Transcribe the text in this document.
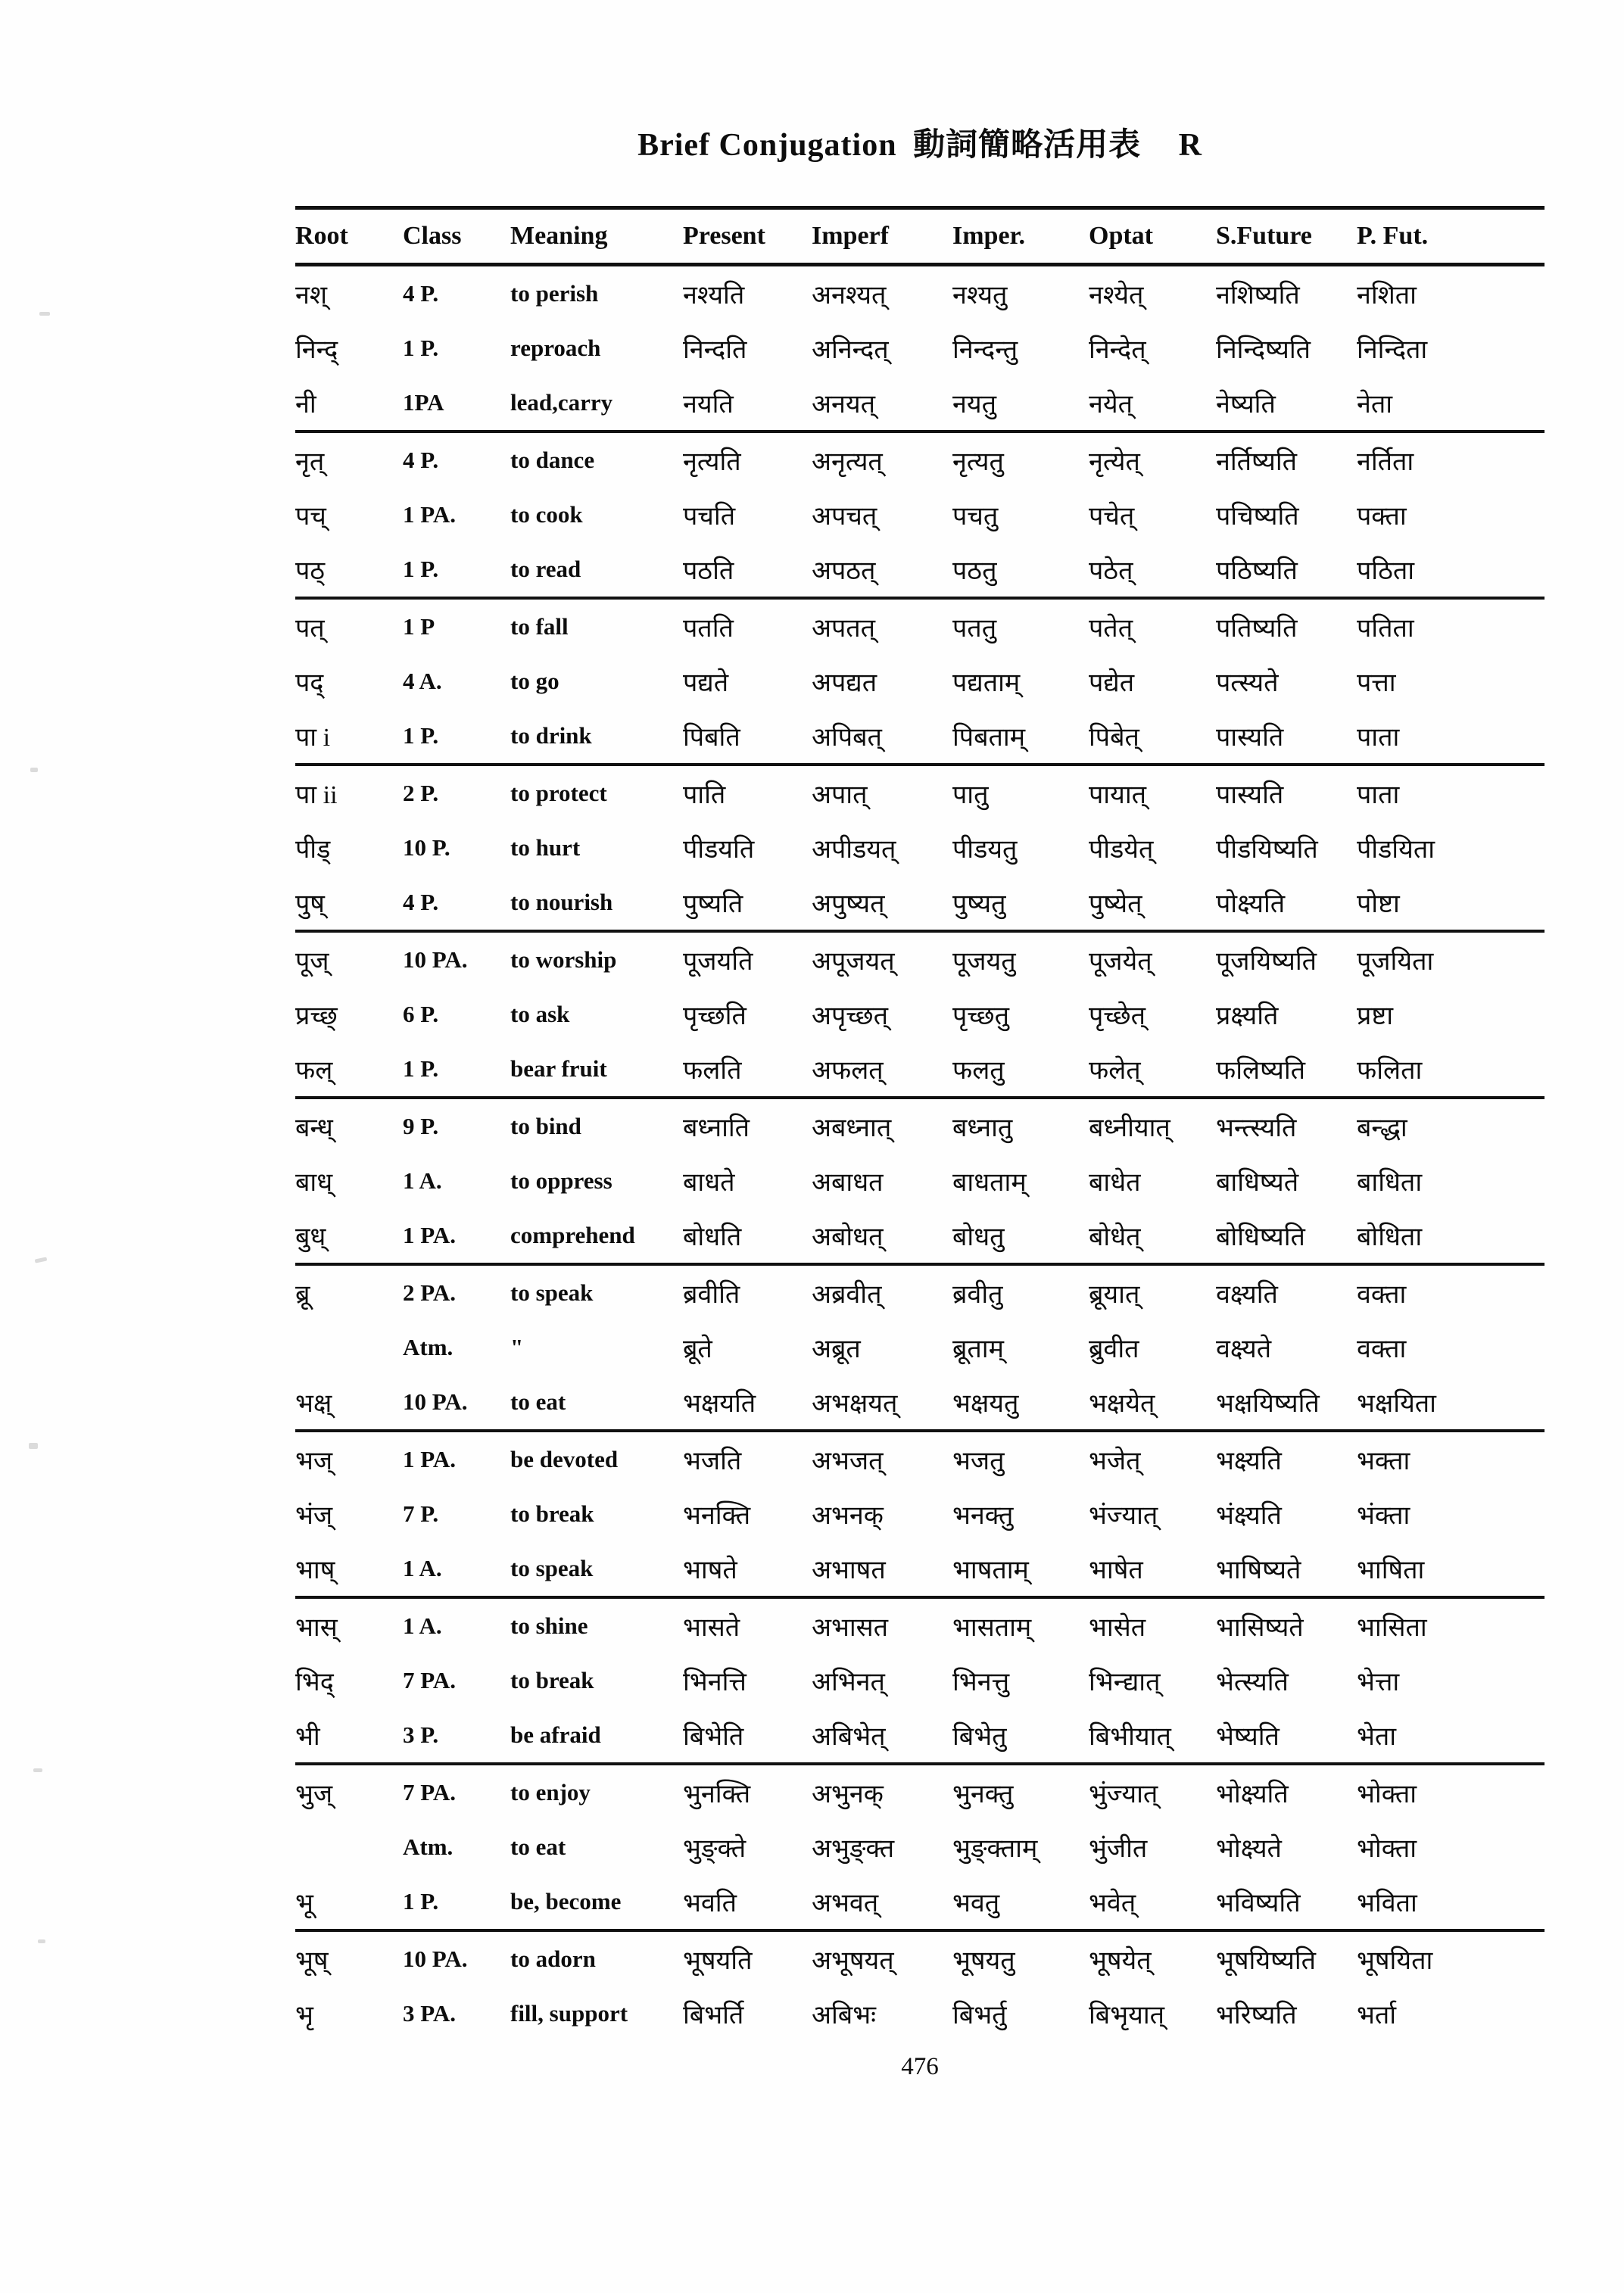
Brief Conjugation 動詞簡略活用表 R
Root	Class	Meaning	Present	Imperf	Imper.	Optat	S.Future	P. Fut.
नश्	4 P.	to perish	नश्यति	अनश्यत्	नश्यतु	नश्येत्	नशिष्यति	नशिता
निन्द्	1 P.	reproach	निन्दति	अनिन्दत्	निन्दन्तु	निन्देत्	निन्दिष्यति	निन्दिता
नी	1PA	lead,carry	नयति	अनयत्	नयतु	नयेत्	नेष्यति	नेता
नृत्	4 P.	to dance	नृत्यति	अनृत्यत्	नृत्यतु	नृत्येत्	नर्तिष्यति	नर्तिता
पच्	1 PA.	to cook	पचति	अपचत्	पचतु	पचेत्	पचिष्यति	पक्ता
पठ्	1 P.	to read	पठति	अपठत्	पठतु	पठेत्	पठिष्यति	पठिता
पत्	1 P	to fall	पतति	अपतत्	पततु	पतेत्	पतिष्यति	पतिता
पद्	4 A.	to go	पद्यते	अपद्यत	पद्यताम्	पद्येत	पत्स्यते	पत्ता
पा i	1 P.	to drink	पिबति	अपिबत्	पिबताम्	पिबेत्	पास्यति	पाता
पा ii	2 P.	to protect	पाति	अपात्	पातु	पायात्	पास्यति	पाता
पीड्	10 P.	to hurt	पीडयति	अपीडयत्	पीडयतु	पीडयेत्	पीडयिष्यति	पीडयिता
पुष्	4 P.	to nourish	पुष्यति	अपुष्यत्	पुष्यतु	पुष्येत्	पोक्ष्यति	पोष्टा
पूज्	10 PA.	to worship	पूजयति	अपूजयत्	पूजयतु	पूजयेत्	पूजयिष्यति	पूजयिता
प्रच्छ्	6 P.	to ask	पृच्छति	अपृच्छत्	पृच्छतु	पृच्छेत्	प्रक्ष्यति	प्रष्टा
फल्	1 P.	bear fruit	फलति	अफलत्	फलतु	फलेत्	फलिष्यति	फलिता
बन्ध्	9 P.	to bind	बध्नाति	अबध्नात्	बध्नातु	बध्नीयात्	भन्त्स्यति	बन्द्धा
बाध्	1 A.	to oppress	बाधते	अबाधत	बाधताम्	बाधेत	बाधिष्यते	बाधिता
बुध्	1 PA.	comprehend	बोधति	अबोधत्	बोधतु	बोधेत्	बोधिष्यति	बोधिता
ब्रू	2 PA.	to speak	ब्रवीति	अब्रवीत्	ब्रवीतु	ब्रूयात्	वक्ष्यति	वक्ता
	Atm.	"	ब्रूते	अब्रूत	ब्रूताम्	ब्रुवीत	वक्ष्यते	वक्ता
भक्ष्	10 PA.	to eat	भक्षयति	अभक्षयत्	भक्षयतु	भक्षयेत्	भक्षयिष्यति	भक्षयिता
भज्	1 PA.	be devoted	भजति	अभजत्	भजतु	भजेत्	भक्ष्यति	भक्ता
भंज्	7 P.	to break	भनक्ति	अभनक्	भनक्तु	भंज्यात्	भंक्ष्यति	भंक्ता
भाष्	1 A.	to speak	भाषते	अभाषत	भाषताम्	भाषेत	भाषिष्यते	भाषिता
भास्	1 A.	to shine	भासते	अभासत	भासताम्	भासेत	भासिष्यते	भासिता
भिद्	7 PA.	to break	भिनत्ति	अभिनत्	भिनत्तु	भिन्द्यात्	भेत्स्यति	भेत्ता
भी	3 P.	be afraid	बिभेति	अबिभेत्	बिभेतु	बिभीयात्	भेष्यति	भेता
भुज्	7 PA.	to enjoy	भुनक्ति	अभुनक्	भुनक्तु	भुंज्यात्	भोक्ष्यति	भोक्ता
	Atm.	to eat	भुङ्क्ते	अभुङ्क्त	भुङ्क्ताम्	भुंजीत	भोक्ष्यते	भोक्ता
भू	1 P.	be, become	भवति	अभवत्	भवतु	भवेत्	भविष्यति	भविता
भूष्	10 PA.	to adorn	भूषयति	अभूषयत्	भूषयतु	भूषयेत्	भूषयिष्यति	भूषयिता
भृ	3 PA.	fill, support	बिभर्ति	अबिभः	बिभर्तु	बिभृयात्	भरिष्यति	भर्ता
476
